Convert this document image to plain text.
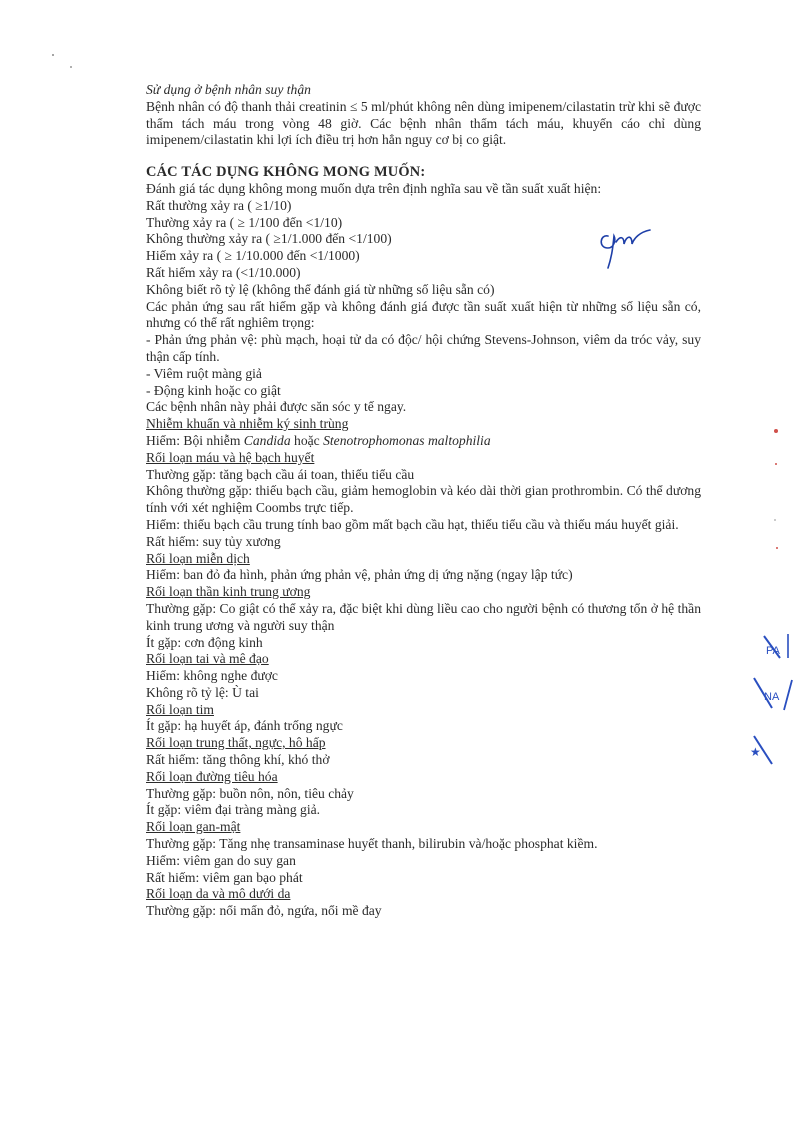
Sử dụng ở bệnh nhân suy thận

Bệnh nhân có độ thanh thải creatinin ≤ 5 ml/phút không nên dùng imipenem/cilastatin trừ khi sẽ được thẩm tách máu trong vòng 48 giờ. Các bệnh nhân thẩm tách máu, khuyến cáo chỉ dùng imipenem/cilastatin khi lợi ích điều trị hơn hẳn nguy cơ bị co giật.

CÁC TÁC DỤNG KHÔNG MONG MUỐN:

Đánh giá tác dụng không mong muốn dựa trên định nghĩa sau về tần suất xuất hiện:

Rất thường xảy ra ( ≥1/10)

Thường xảy ra ( ≥ 1/100 đến <1/10)

Không thường xảy ra ( ≥1/1.000 đến <1/100)

Hiếm xảy ra ( ≥ 1/10.000 đến <1/1000)

Rất hiếm xảy ra (<1/10.000)

Không biết rõ tỷ lệ (không thể đánh giá từ những số liệu sẵn có)

Các phản ứng sau rất hiếm gặp và không đánh giá được tần suất xuất hiện từ những số liệu sẵn có, nhưng có thể rất nghiêm trọng:

- Phản ứng phản vệ: phù mạch, hoại tử da có độc/ hội chứng Stevens-Johnson, viêm da tróc vảy, suy thận cấp tính.

- Viêm ruột màng giả

- Động kinh hoặc co giật

Các bệnh nhân này phải được săn sóc y tế ngay.

Nhiễm khuẩn và nhiễm ký sinh trùng

Hiếm: Bội nhiễm Candida hoặc Stenotrophomonas maltophilia

Rối loạn máu và hệ bạch huyết

Thường gặp: tăng bạch cầu ái toan, thiếu tiểu cầu

Không thường gặp: thiếu bạch cầu, giảm hemoglobin và kéo dài thời gian prothrombin. Có thể dương tính với xét nghiệm Coombs trực tiếp.

Hiếm: thiếu bạch cầu trung tính bao gồm mất bạch cầu hạt, thiếu tiểu cầu và thiếu máu huyết giải.

Rất hiếm: suy tủy xương

Rối loạn miễn dịch

Hiếm: ban đỏ đa hình, phản ứng phản vệ, phản ứng dị ứng nặng (ngay lập tức)

Rối loạn thần kinh trung ương

Thường gặp: Co giật có thể xảy ra, đặc biệt khi dùng liều cao cho người bệnh có thương tổn ở hệ thần kinh trung ương và người suy thận

Ít gặp: cơn động kinh

Rối loạn tai và mê đạo

Hiếm: không nghe được

Không rõ tỷ lệ: Ù tai

Rối loạn tim

Ít gặp: hạ huyết áp, đánh trống ngực

Rối loạn trung thất, ngực, hô hấp

Rất hiếm: tăng thông khí, khó thở

Rối loạn đường tiêu hóa

Thường gặp: buồn nôn, nôn, tiêu chảy

Ít gặp: viêm đại tràng màng giả.

Rối loạn gan-mật

Thường gặp: Tăng nhẹ transaminase huyết thanh, bilirubin và/hoặc phosphat kiềm.

Hiếm: viêm gan do suy gan

Rất hiếm: viêm gan bạo phát

Rối loạn da và mô dưới da

Thường gặp: nổi mẩn đỏ, ngứa, nổi mề đay

PA
NA
★
